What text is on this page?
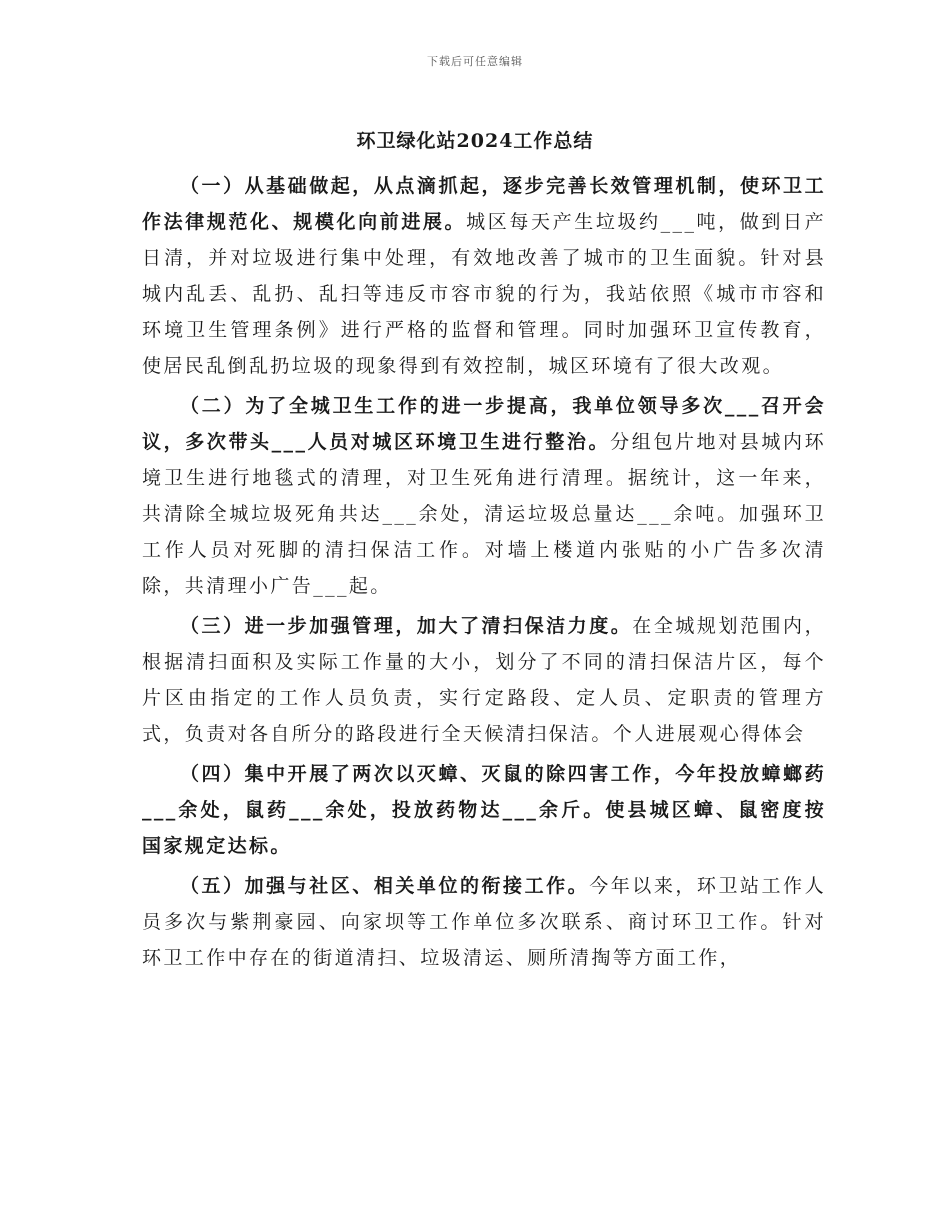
下载后可任意编辑
环卫绿化站2024工作总结

（一）从基础做起，从点滴抓起，逐步完善长效管理机制，使环卫工作法律规范化、规模化向前进展。城区每天产生垃圾约___吨，做到日产日清，并对垃圾进行集中处理，有效地改善了城市的卫生面貌。针对县城内乱丢、乱扔、乱扫等违反市容市貌的行为，我站依照《城市市容和环境卫生管理条例》进行严格的监督和管理。同时加强环卫宣传教育，使居民乱倒乱扔垃圾的现象得到有效控制，城区环境有了很大改观。

（二）为了全城卫生工作的进一步提高，我单位领导多次___召开会议，多次带头___人员对城区环境卫生进行整治。分组包片地对县城内环境卫生进行地毯式的清理，对卫生死角进行清理。据统计，这一年来，共清除全城垃圾死角共达___余处，清运垃圾总量达___余吨。加强环卫工作人员对死脚的清扫保洁工作。对墙上楼道内张贴的小广告多次清除，共清理小广告___起。

（三）进一步加强管理，加大了清扫保洁力度。在全城规划范围内，根据清扫面积及实际工作量的大小，划分了不同的清扫保洁片区，每个片区由指定的工作人员负责，实行定路段、定人员、定职责的管理方式，负责对各自所分的路段进行全天候清扫保洁。个人进展观心得体会

（四）集中开展了两次以灭蟑、灭鼠的除四害工作，今年投放蟑螂药___余处，鼠药___余处，投放药物达___余斤。使县城区蟑、鼠密度按国家规定达标。

（五）加强与社区、相关单位的衔接工作。今年以来，环卫站工作人员多次与紫荆豪园、向家坝等工作单位多次联系、商讨环卫工作。针对环卫工作中存在的街道清扫、垃圾清运、厕所清掏等方面工作，
